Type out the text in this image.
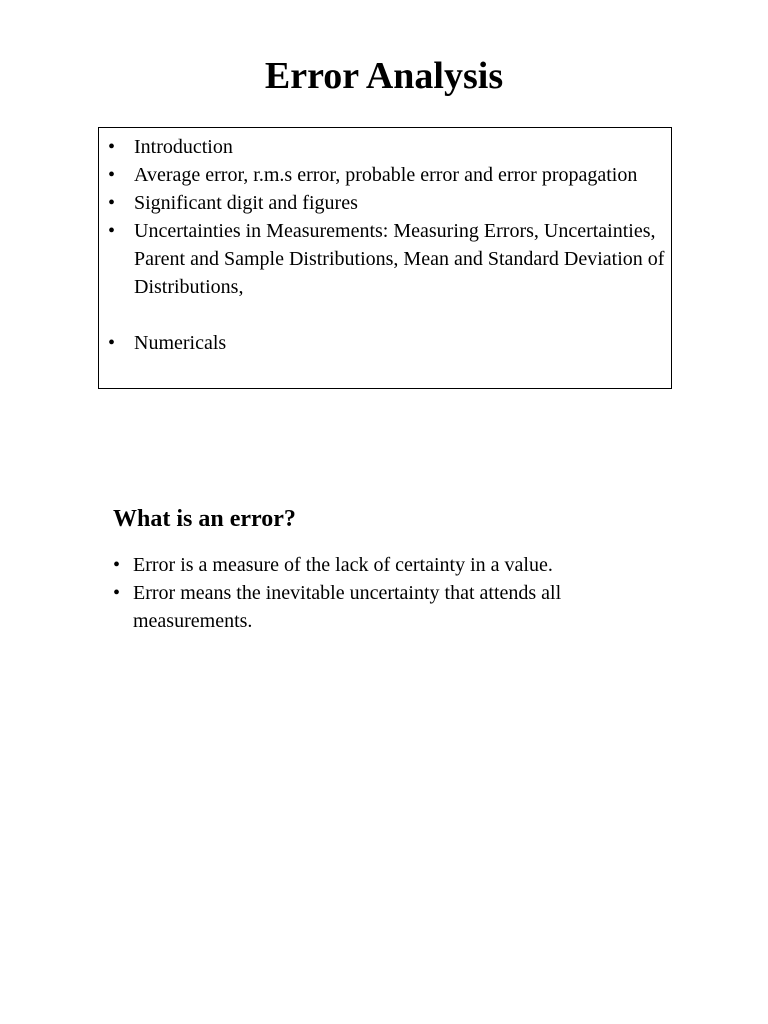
Error Analysis
• Introduction
• Average error, r.m.s error, probable error and error propagation
• Significant digit and figures
• Uncertainties in Measurements: Measuring Errors, Uncertainties, Parent and Sample Distributions, Mean and Standard Deviation of Distributions,
• Numericals
What is an error?
• Error is a measure of the lack of certainty in a value.
• Error means the inevitable uncertainty that attends all measurements.
